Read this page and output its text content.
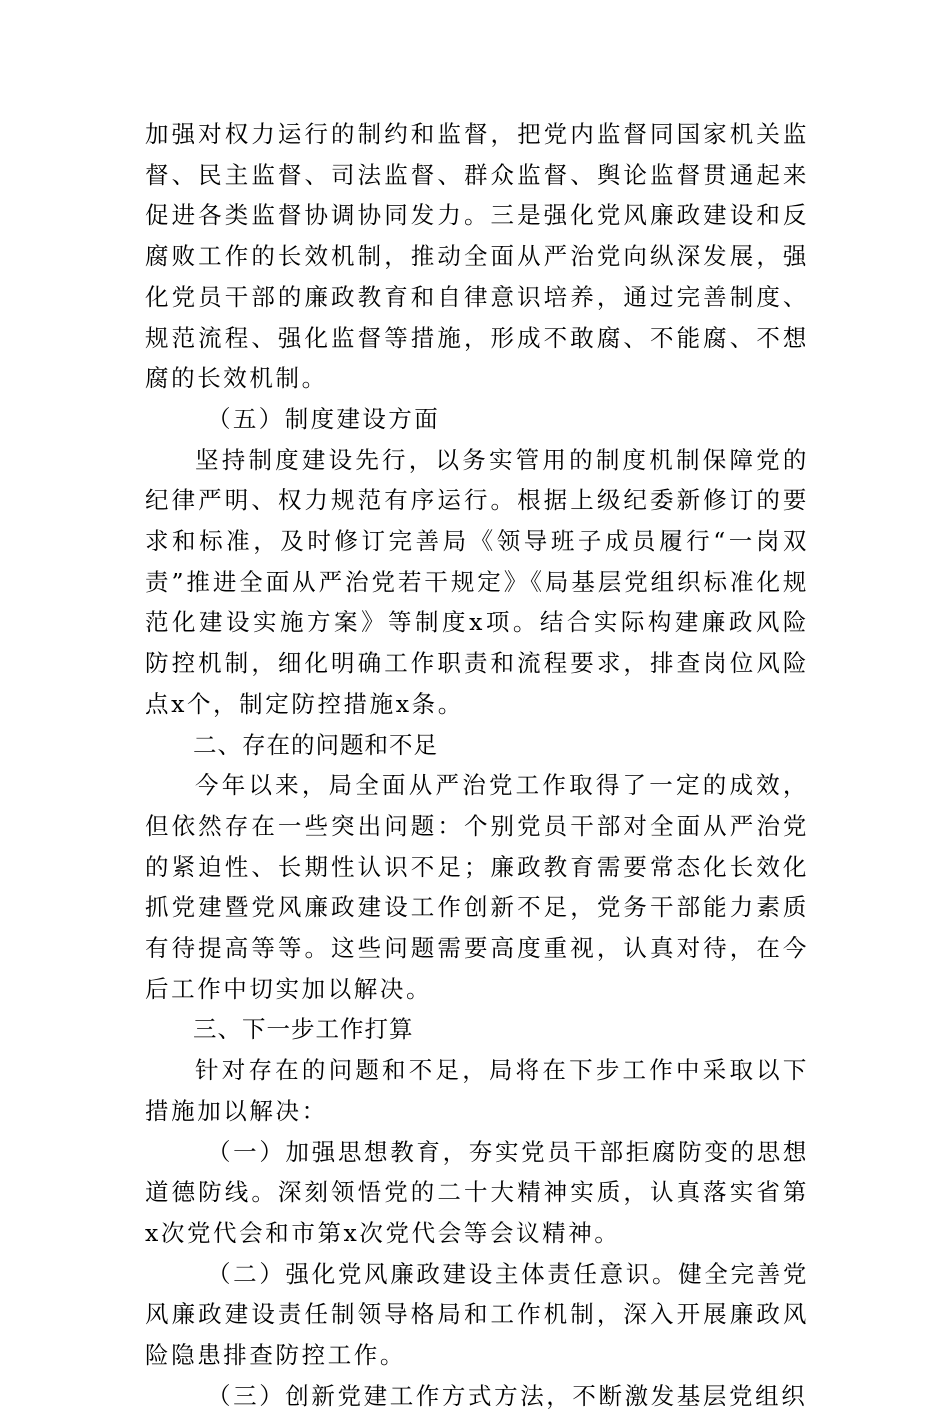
加强对权力运行的制约和监督，把党内监督同国家机关监督、民主监督、司法监督、群众监督、舆论监督贯通起来促进各类监督协调协同发力。三是强化党风廉政建设和反腐败工作的长效机制，推动全面从严治党向纵深发展，强化党员干部的廉政教育和自律意识培养，通过完善制度、规范流程、强化监督等措施，形成不敢腐、不能腐、不想腐的长效机制。

（五）制度建设方面

坚持制度建设先行，以务实管用的制度机制保障党的纪律严明、权力规范有序运行。根据上级纪委新修订的要求和标准，及时修订完善局《领导班子成员履行“一岗双责”推进全面从严治党若干规定》《局基层党组织标准化规范化建设实施方案》等制度x项。结合实际构建廉政风险防控机制，细化明确工作职责和流程要求，排查岗位风险点x个，制定防控措施x条。

二、存在的问题和不足

今年以来，局全面从严治党工作取得了一定的成效，但依然存在一些突出问题：个别党员干部对全面从严治党的紧迫性、长期性认识不足；廉政教育需要常态化长效化抓党建暨党风廉政建设工作创新不足，党务干部能力素质有待提高等等。这些问题需要高度重视，认真对待，在今后工作中切实加以解决。

三、下一步工作打算

针对存在的问题和不足，局将在下步工作中采取以下措施加以解决：

（一）加强思想教育，夯实党员干部拒腐防变的思想道德防线。深刻领悟党的二十大精神实质，认真落实省第x次党代会和市第x次党代会等会议精神。

（二）强化党风廉政建设主体责任意识。健全完善党风廉政建设责任制领导格局和工作机制，深入开展廉政风险隐患排查防控工作。

（三）创新党建工作方式方法，不断激发基层党组织
